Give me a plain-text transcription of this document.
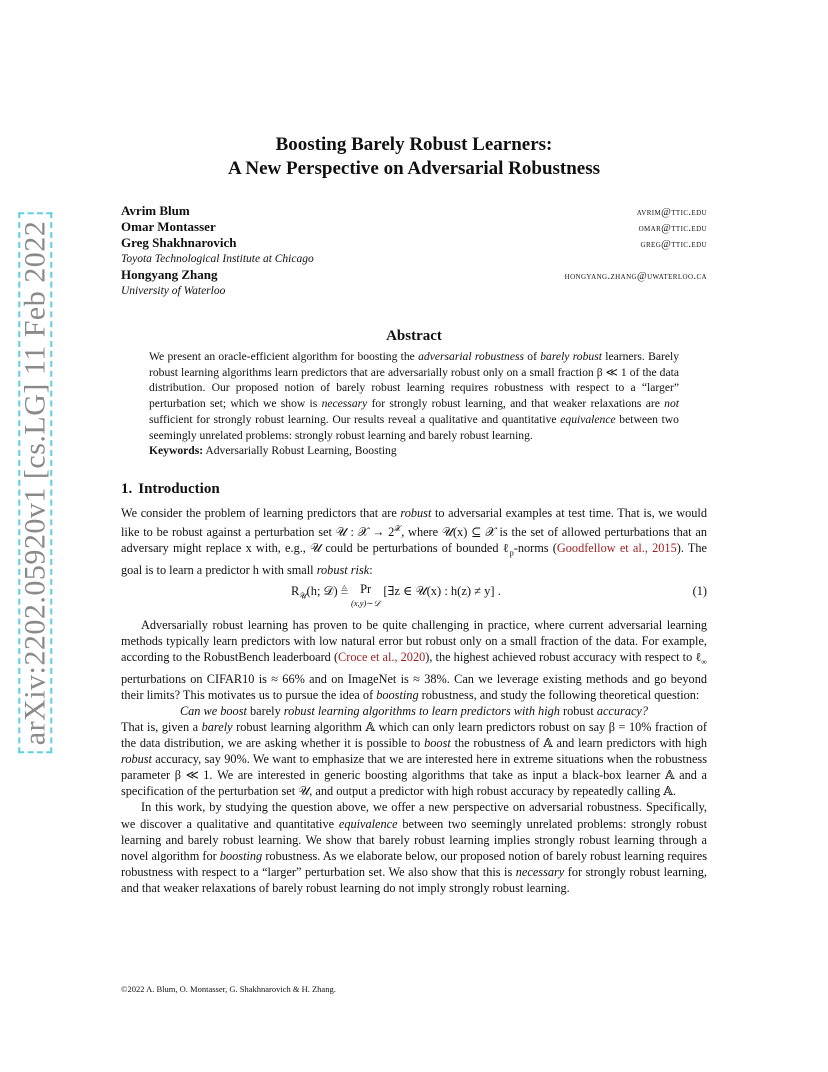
arXiv:2202.05920v1 [cs.LG] 11 Feb 2022
Boosting Barely Robust Learners:
A New Perspective on Adversarial Robustness
Avrim Blum	avrim@ttic.edu
Omar Montasser	omar@ttic.edu
Greg Shakhnarovich	greg@ttic.edu
Toyota Technological Institute at Chicago
Hongyang Zhang	hongyang.zhang@uwaterloo.ca
University of Waterloo
Abstract

We present an oracle-efficient algorithm for boosting the adversarial robustness of barely robust learners. Barely robust learning algorithms learn predictors that are adversarially robust only on a small fraction β ≪ 1 of the data distribution. Our proposed notion of barely robust learning requires robustness with respect to a “larger” perturbation set; which we show is necessary for strongly robust learning, and that weaker relaxations are not sufficient for strongly robust learning. Our results reveal a qualitative and quantitative equivalence between two seemingly unrelated problems: strongly robust learning and barely robust learning.

Keywords: Adversarially Robust Learning, Boosting

1. Introduction

We consider the problem of learning predictors that are robust to adversarial examples at test time. That is, we would like to be robust against a perturbation set 𝒰 : 𝒳 → $2^𝒳$, where 𝒰(x) ⊆ 𝒳 is the set of allowed perturbations that an adversary might replace x with, e.g., 𝒰 could be perturbations of bounded ℓ$_p$-norms (Goodfellow et al., 2015). The goal is to learn a predictor h with small robust risk:

$R_𝒰(h$; 𝒟) ≜ Pr
(x,y)∼𝒟 [∃z ∈ 𝒰(x) : h(z) ≠ y] .	(1)

Adversarially robust learning has proven to be quite challenging in practice, where current adversarial learning methods typically learn predictors with low natural error but robust only on a small fraction of the data. For example, according to the RobustBench leaderboard (Croce et al., 2020), the highest achieved robust accuracy with respect to ℓ$_\infty$ perturbations on CIFAR10 is ≈ 66% and on ImageNet is ≈ 38%. Can we leverage existing methods and go beyond their limits? This motivates us to pursue the idea of boosting robustness, and study the following theoretical question:

Can we boost barely robust learning algorithms to learn predictors with high robust accuracy?

That is, given a barely robust learning algorithm 𝔸 which can only learn predictors robust on say β = 10% fraction of the data distribution, we are asking whether it is possible to boost the robustness of 𝔸 and learn predictors with high robust accuracy, say 90%. We want to emphasize that we are interested here in extreme situations when the robustness parameter β ≪ 1. We are interested in generic boosting algorithms that take as input a black-box learner 𝔸 and a specification of the perturbation set 𝒰, and output a predictor with high robust accuracy by repeatedly calling 𝔸.

In this work, by studying the question above, we offer a new perspective on adversarial robustness. Specifically, we discover a qualitative and quantitative equivalence between two seemingly unrelated problems: strongly robust learning and barely robust learning. We show that barely robust learning implies strongly robust learning through a novel algorithm for boosting robustness. As we elaborate below, our proposed notion of barely robust learning requires robustness with respect to a “larger” perturbation set. We also show that this is necessary for strongly robust learning, and that weaker relaxations of barely robust learning do not imply strongly robust learning.

©2022 A. Blum, O. Montasser, G. Shakhnarovich & H. Zhang.
